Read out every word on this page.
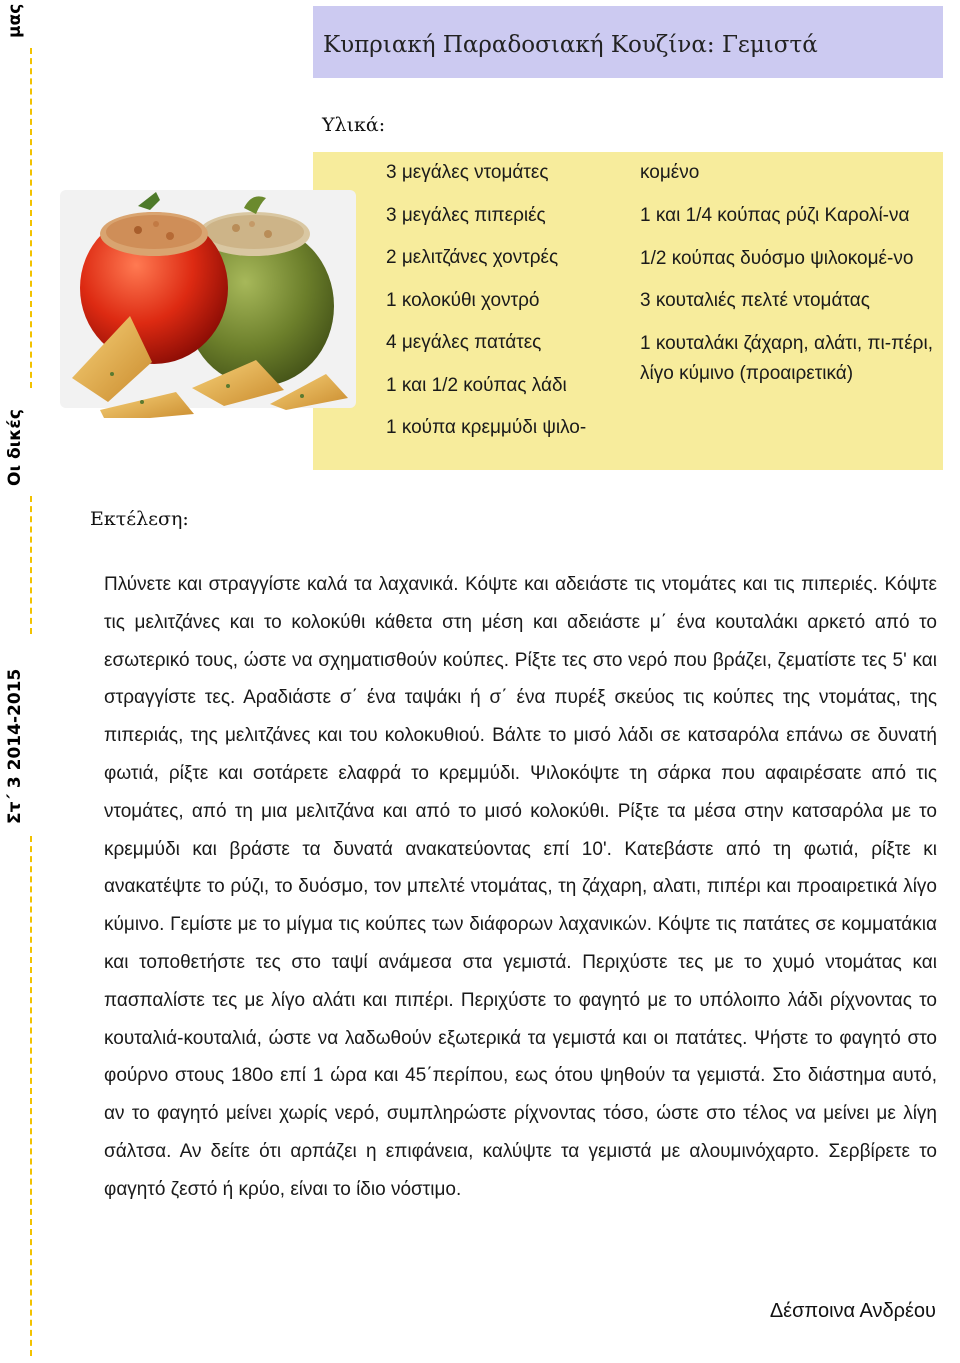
μας
Οι δικές
Στ΄ 3 2014-2015
Κυπριακή Παραδοσιακή Κουζίνα: Γεμιστά
Υλικά:
3 μεγάλες ντομάτες
3 μεγάλες πιπεριές
2 μελιτζάνες χοντρές
1 κολοκύθι χοντρό
4 μεγάλες πατάτες
1 και 1/2 κούπας λάδι
1 κούπα κρεμμύδι ψιλο-
κομένο
1 και 1/4 κούπας ρύζι Καρολί-να
1/2 κούπας δυόσμο ψιλοκομέ-νο
3 κουταλιές πελτέ ντομάτας
1 κουταλάκι ζάχαρη, αλάτι, πι-πέρι, λίγο κύμινο (προαιρετικά)
Εκτέλεση:

Πλύνετε και στραγγίστε καλά τα λαχανικά. Κόψτε και αδειάστε τις ντομάτες και τις πιπεριές. Κόψτε τις μελιτζάνες και το κολοκύθι κάθετα στη μέση και αδειάστε μ΄ ένα κουταλάκι αρκετό από το εσωτερικό τους, ώστε να σχηματισθούν κούπες. Ρίξτε τες στο νερό που βράζει, ζεματίστε τες 5' και στραγγίστε τες. Αραδιάστε σ΄ ένα ταψάκι ή σ΄ ένα πυρέξ σκεύος τις κούπες της ντομάτας, της πιπεριάς, της μελιτζάνες και του κολοκυθιού. Βάλτε το μισό λάδι σε κατσαρόλα επάνω σε δυνατή φωτιά, ρίξτε και σοτάρετε ελαφρά το κρεμμύδι. Ψιλοκόψτε τη σάρκα που αφαιρέσατε από τις ντομάτες, από τη μια μελιτζάνα και από το μισό κολοκύθι. Ρίξτε τα μέσα στην κατσαρόλα με το κρεμμύδι και βράστε τα δυνατά ανακατεύοντας επί 10'. Κατεβάστε από τη φωτιά, ρίξτε κι ανακατέψτε το ρύζι, το δυόσμο, τον μπελτέ ντομάτας, τη ζάχαρη, αλατι, πιπέρι και προαιρετικά λίγο κύμινο. Γεμίστε με το μίγμα τις κούπες των διάφορων λαχανικών. Κόψτε τις πατάτες σε κομματάκια και τοποθετήστε τες στο ταψί ανάμεσα στα γεμιστά. Περιχύστε τες με το χυμό ντομάτας και πασπαλίστε τες με λίγο αλάτι και πιπέρι. Περιχύστε το φαγητό με το υπόλοιπο λάδι ρίχνοντας το κουταλιά-κουταλιά, ώστε να λαδωθούν εξωτερικά τα γεμιστά και οι πατάτες. Ψήστε το φαγητό στο φούρνο στους 180ο επί 1 ώρα και 45΄περίπου, εως ότου ψηθούν τα γεμιστά. Στο διάστημα αυτό, αν το φαγητό μείνει χωρίς νερό, συμπληρώστε ρίχνοντας τόσο, ώστε στο τέλος να μείνει με λίγη σάλτσα. Αν δείτε ότι αρπάζει η επιφάνεια, καλύψτε τα γεμιστά με αλουμινόχαρτο. Σερβίρετε το φαγητό ζεστό ή κρύο, είναι το ίδιο νόστιμο.

Δέσποινα Ανδρέου
